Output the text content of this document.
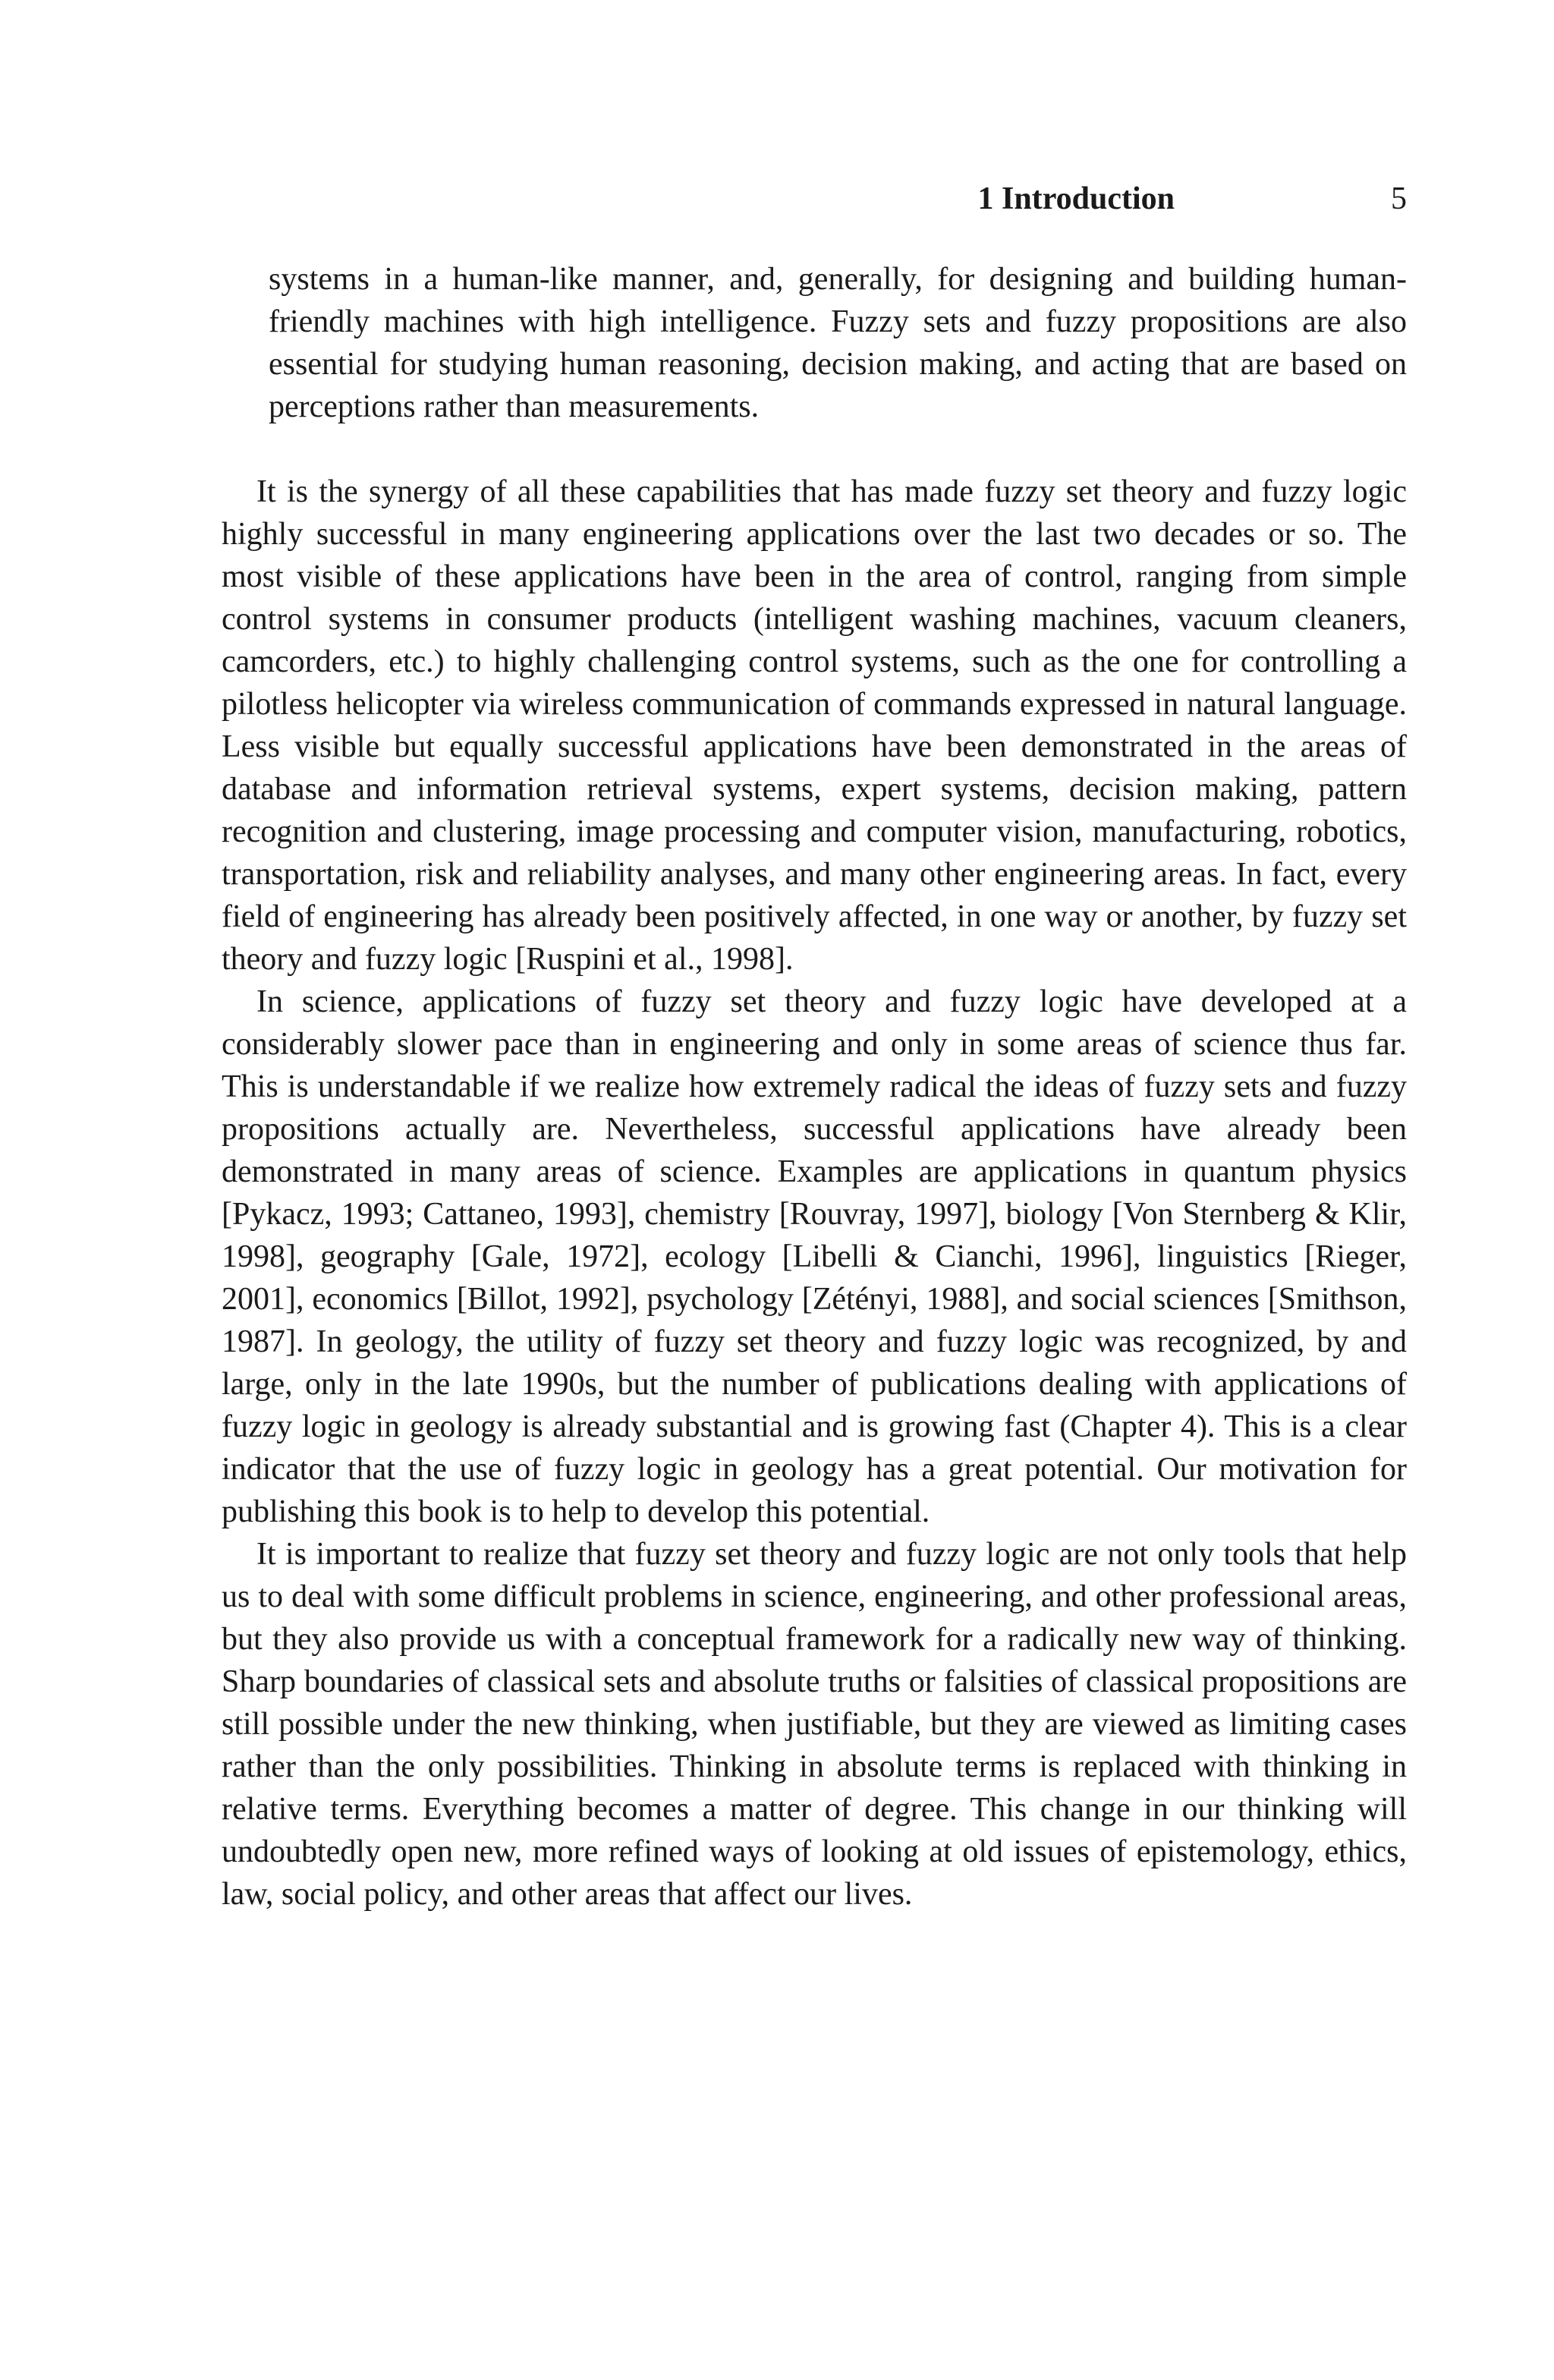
1 Introduction	5

systems in a human-like manner, and, generally, for designing and building human-friendly machines with high intelligence. Fuzzy sets and fuzzy propositions are also essential for studying human reasoning, decision making, and acting that are based on perceptions rather than measurements.

It is the synergy of all these capabilities that has made fuzzy set theory and fuzzy logic highly successful in many engineering applications over the last two decades or so. The most visible of these applications have been in the area of control, ranging from simple control systems in consumer products (intelligent washing machines, vacuum cleaners, camcorders, etc.) to highly challenging control systems, such as the one for controlling a pilotless helicopter via wireless communication of commands expressed in natural language. Less visible but equally successful applications have been demonstrated in the areas of database and information retrieval systems, expert systems, decision making, pattern recognition and clustering, image processing and computer vision, manufacturing, robotics, transportation, risk and reliability analyses, and many other engineering areas. In fact, every field of engineering has already been positively affected, in one way or another, by fuzzy set theory and fuzzy logic [Ruspini et al., 1998].

In science, applications of fuzzy set theory and fuzzy logic have developed at a considerably slower pace than in engineering and only in some areas of science thus far. This is understandable if we realize how extremely radical the ideas of fuzzy sets and fuzzy propositions actually are. Nevertheless, successful applications have already been demonstrated in many areas of science. Examples are applications in quantum physics [Pykacz, 1993; Cattaneo, 1993], chemistry [Rouvray, 1997], biology [Von Sternberg & Klir, 1998], geography [Gale, 1972], ecology [Libelli & Cianchi, 1996], linguistics [Rieger, 2001], economics [Billot, 1992], psychology [Zétényi, 1988], and social sciences [Smithson, 1987]. In geology, the utility of fuzzy set theory and fuzzy logic was recognized, by and large, only in the late 1990s, but the number of publications dealing with applications of fuzzy logic in geology is already substantial and is growing fast (Chapter 4). This is a clear indicator that the use of fuzzy logic in geology has a great potential. Our motivation for publishing this book is to help to develop this potential.

It is important to realize that fuzzy set theory and fuzzy logic are not only tools that help us to deal with some difficult problems in science, engineering, and other professional areas, but they also provide us with a conceptual framework for a radically new way of thinking. Sharp boundaries of classical sets and absolute truths or falsities of classical propositions are still possible under the new thinking, when justifiable, but they are viewed as limiting cases rather than the only possibilities. Thinking in absolute terms is replaced with thinking in relative terms. Everything becomes a matter of degree. This change in our thinking will undoubtedly open new, more refined ways of looking at old issues of epistemology, ethics, law, social policy, and other areas that affect our lives.
